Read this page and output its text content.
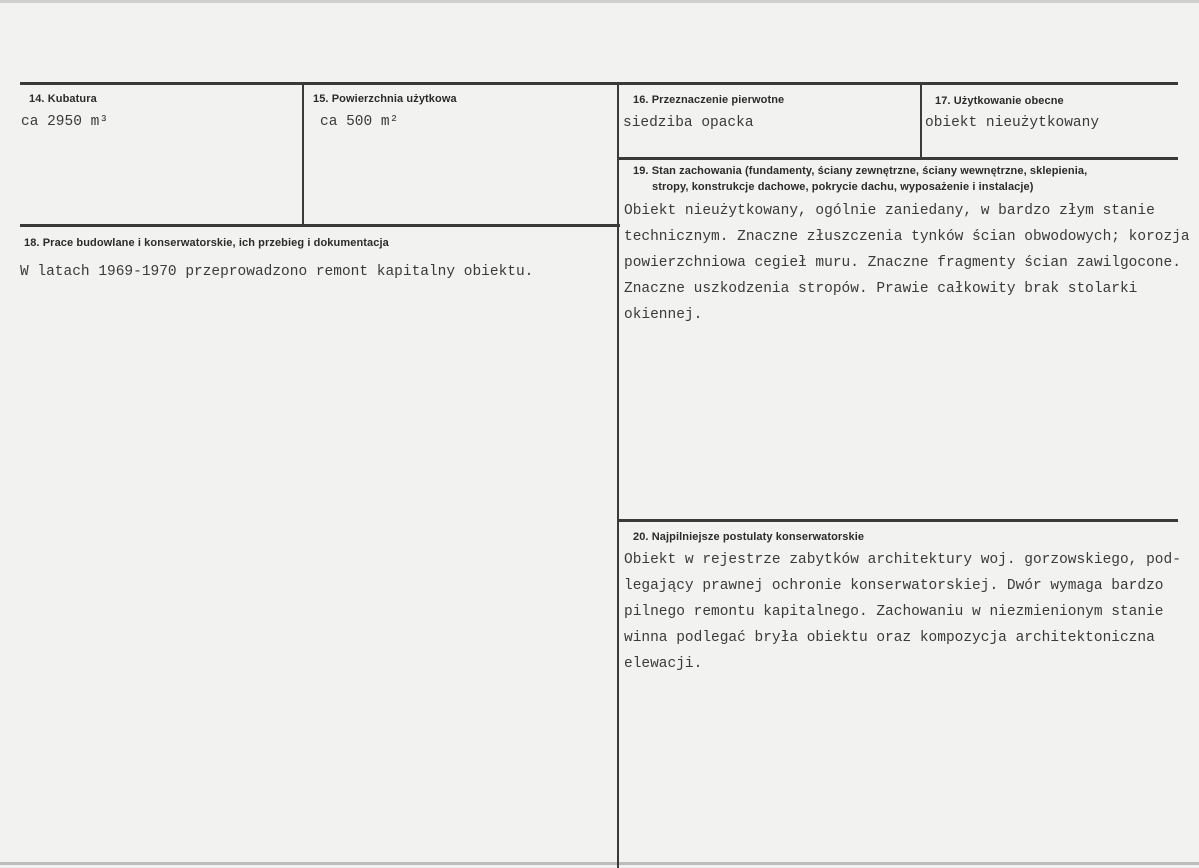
14. Kubatura
ca 2950 m³
15. Powierzchnia użytkowa
ca 500 m²
16. Przeznaczenie pierwotne
siedziba opacka
17. Użytkowanie obecne
obiekt nieużytkowany
19. Stan zachowania (fundamenty, ściany zewnętrzne, ściany wewnętrzne, sklepienia,
stropy, konstrukcje dachowe, pokrycie dachu, wyposażenie i instalacje)
Obiekt nieużytkowany, ogólnie zaniedany, w bardzo złym stanie
technicznym. Znaczne złuszczenia tynków ścian obwodowych; korozja
powierzchniowa cegieł muru. Znaczne fragmenty ścian zawilgocone.
Znaczne uszkodzenia stropów. Prawie całkowity brak stolarki
okiennej.
18. Prace budowlane i konserwatorskie, ich przebieg i dokumentacja
W latach 1969-1970 przeprowadzono remont kapitalny obiektu.
20. Najpilniejsze postulaty konserwatorskie
Obiekt w rejestrze zabytków architektury woj. gorzowskiego, pod-
legający prawnej ochronie konserwatorskiej. Dwór wymaga bardzo
pilnego remontu kapitalnego. Zachowaniu w niezmienionym stanie
winna podlegać bryła obiektu oraz kompozycja architektoniczna
elewacji.
